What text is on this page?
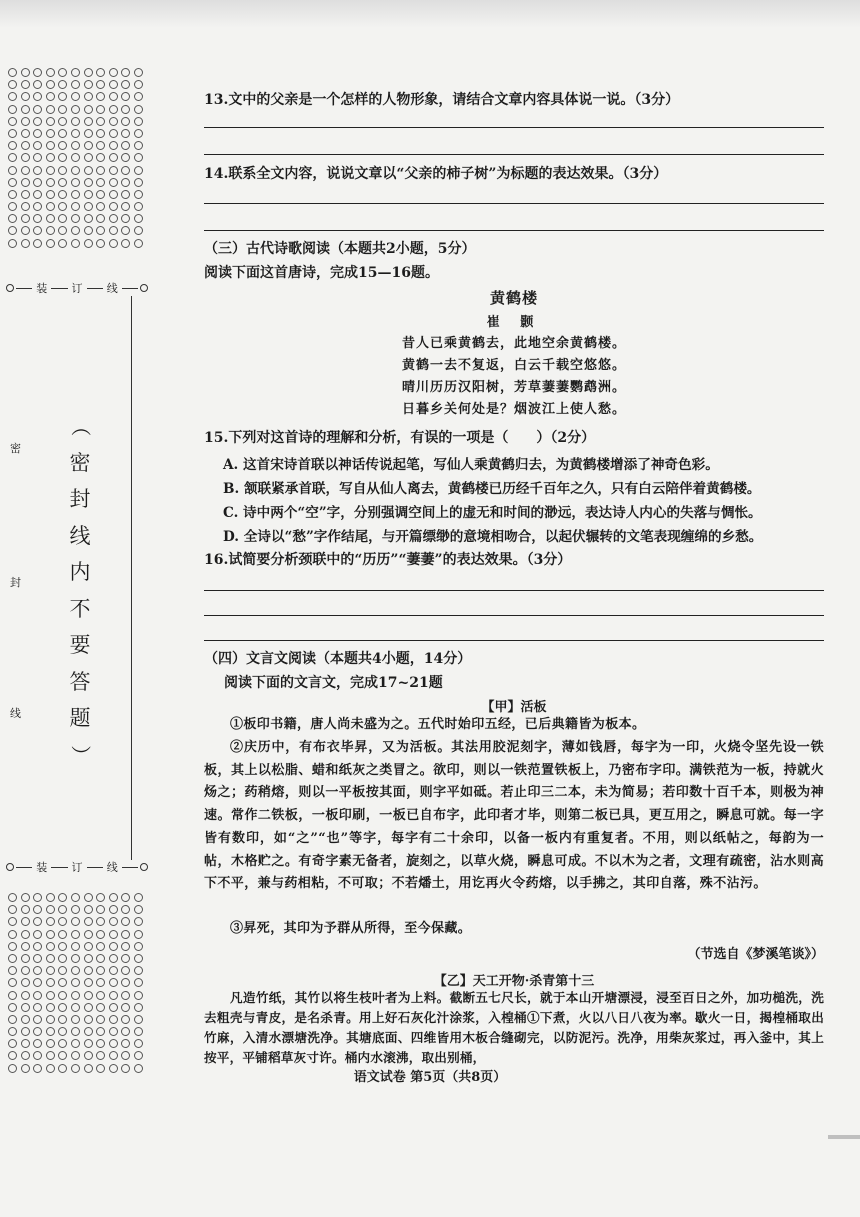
装 订 线
密
封
线
（
密
封
线
内
不
要
答
题
）
装 订 线
13.文中的父亲是一个怎样的人物形象，请结合文章内容具体说一说。（3分）
14.联系全文内容，说说文章以“父亲的柿子树”为标题的表达效果。（3分）
（三）古代诗歌阅读（本题共2小题，5分）
阅读下面这首唐诗，完成15—16题。
黄鹤楼
崔 颢
昔人已乘黄鹤去，此地空余黄鹤楼。
黄鹤一去不复返，白云千载空悠悠。
晴川历历汉阳树，芳草萋萋鹦鹉洲。
日暮乡关何处是？烟波江上使人愁。
15.下列对这首诗的理解和分析，有误的一项是（　　）（2分）
A. 这首宋诗首联以神话传说起笔，写仙人乘黄鹤归去，为黄鹤楼增添了神奇色彩。
B. 颔联紧承首联，写自从仙人离去，黄鹤楼已历经千百年之久，只有白云陪伴着黄鹤楼。
C. 诗中两个“空”字，分别强调空间上的虚无和时间的渺远，表达诗人内心的失落与惆怅。
D. 全诗以“愁”字作结尾，与开篇缥缈的意境相吻合，以起伏辗转的文笔表现缠绵的乡愁。
16.试简要分析颈联中的“历历”“萋萋”的表达效果。（3分）
（四）文言文阅读（本题共4小题，14分）
阅读下面的文言文，完成17~21题
【甲】活板
①板印书籍，唐人尚未盛为之。五代时始印五经，已后典籍皆为板本。
②庆历中，有布衣毕昇，又为活板。其法用胶泥刻字，薄如钱唇，每字为一印，火烧令坚先设一铁板，其上以松脂、蜡和纸灰之类冒之。欲印，则以一铁范置铁板上，乃密布字印。满铁范为一板，持就火炀之；药稍熔，则以一平板按其面，则字平如砥。若止印三二本，未为简易；若印数十百千本，则极为神速。常作二铁板，一板印刷，一板已自布字，此印者才毕，则第二板已具，更互用之，瞬息可就。每一字皆有数印，如“之”“也”等字，每字有二十余印，以备一板内有重复者。不用，则以纸帖之，每韵为一帖，木格贮之。有奇字素无备者，旋刻之，以草火烧，瞬息可成。不以木为之者，文理有疏密，沾水则高下不平，兼与药相粘，不可取；不若燔土，用讫再火令药熔，以手拂之，其印自落，殊不沾污。
③昇死，其印为予群从所得，至今保藏。
（节选自《梦溪笔谈》）
【乙】天工开物·杀青第十三
凡造竹纸，其竹以将生枝叶者为上料。截断五七尺长，就于本山开塘漂浸，浸至百日之外，加功槌洗，洗去粗壳与青皮，是名杀青。用上好石灰化汁涂浆，入楻桶①下煮，火以八日八夜为率。歇火一日，揭楻桶取出竹麻，入清水漂塘洗净。其塘底面、四维皆用木板合缝砌完，以防泥污。洗净，用柴灰浆过，再入釜中，其上按平，平铺稻草灰寸许。桶内水滚沸，取出别桶，
语文试卷 第5页（共8页）
